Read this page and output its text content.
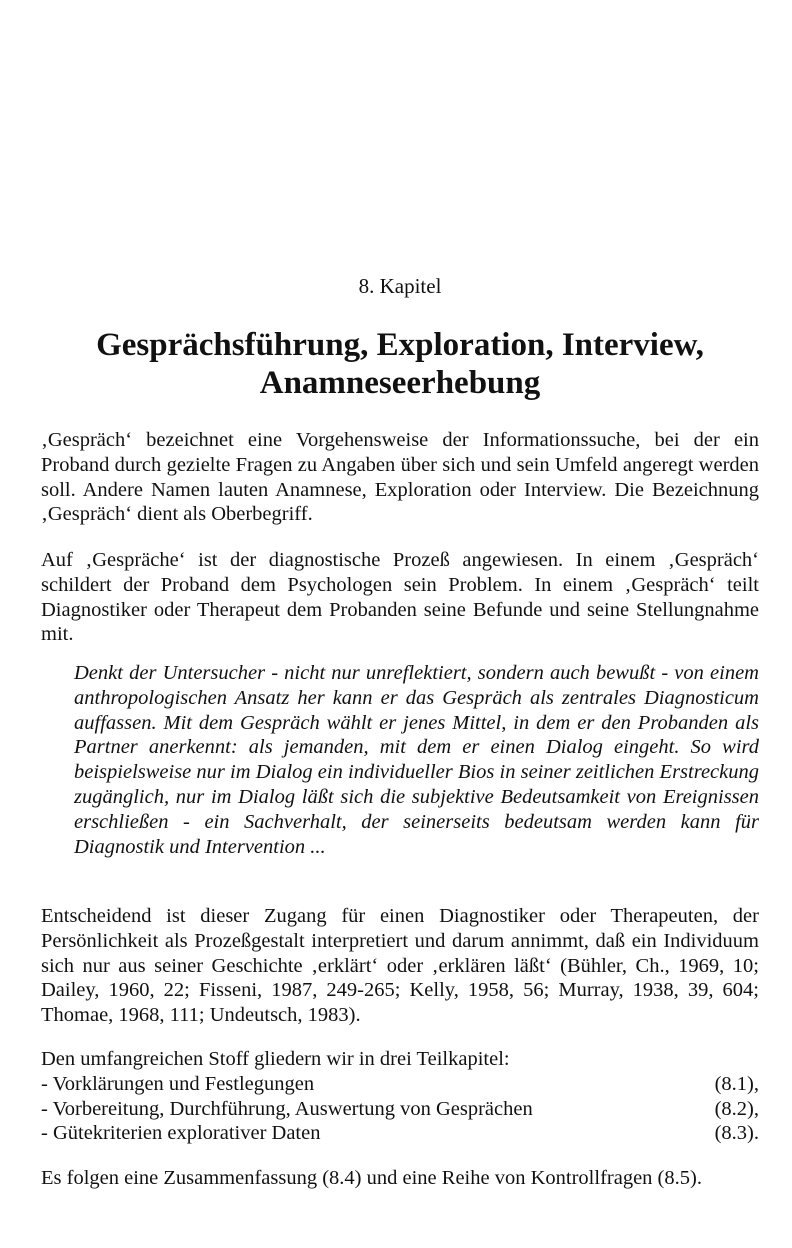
8. Kapitel
Gesprächsführung, Exploration, Interview,
Anamneseerhebung

‚Gespräch‘ bezeichnet eine Vorgehensweise der Informationssuche, bei der ein Proband durch gezielte Fragen zu Angaben über sich und sein Umfeld angeregt werden soll. Andere Namen lauten Anamnese, Exploration oder Interview. Die Bezeichnung ‚Gespräch‘ dient als Oberbegriff.

Auf ‚Gespräche‘ ist der diagnostische Prozeß angewiesen. In einem ‚Gespräch‘ schildert der Proband dem Psychologen sein Problem. In einem ‚Gespräch‘ teilt Diagnostiker oder Therapeut dem Probanden seine Befunde und seine Stellungnahme mit.

Denkt der Untersucher - nicht nur unreflektiert, sondern auch bewußt - von einem anthropologischen Ansatz her kann er das Gespräch als zentrales Diagnosticum auffassen. Mit dem Gespräch wählt er jenes Mittel, in dem er den Probanden als Partner anerkennt: als jemanden, mit dem er einen Dialog eingeht. So wird beispielsweise nur im Dialog ein individueller Bios in seiner zeitlichen Erstreckung zugänglich, nur im Dialog läßt sich die subjektive Bedeutsamkeit von Ereignissen erschließen - ein Sachverhalt, der seinerseits bedeutsam werden kann für Diagnostik und Intervention ...

Entscheidend ist dieser Zugang für einen Diagnostiker oder Therapeuten, der Persönlichkeit als Prozeßgestalt interpretiert und darum annimmt, daß ein Individuum sich nur aus seiner Geschichte ‚erklärt‘ oder ‚erklären läßt‘ (Bühler, Ch., 1969, 10; Dailey, 1960, 22; Fisseni, 1987, 249-265; Kelly, 1958, 56; Murray, 1938, 39, 604; Thomae, 1968, 111; Undeutsch, 1983).

Den umfangreichen Stoff gliedern wir in drei Teilkapitel:
- Vorklärungen und Festlegungen	(8.1),
- Vorbereitung, Durchführung, Auswertung von Gesprächen	(8.2),
- Gütekriterien explorativer Daten	(8.3).

Es folgen eine Zusammenfassung (8.4) und eine Reihe von Kontrollfragen (8.5).
